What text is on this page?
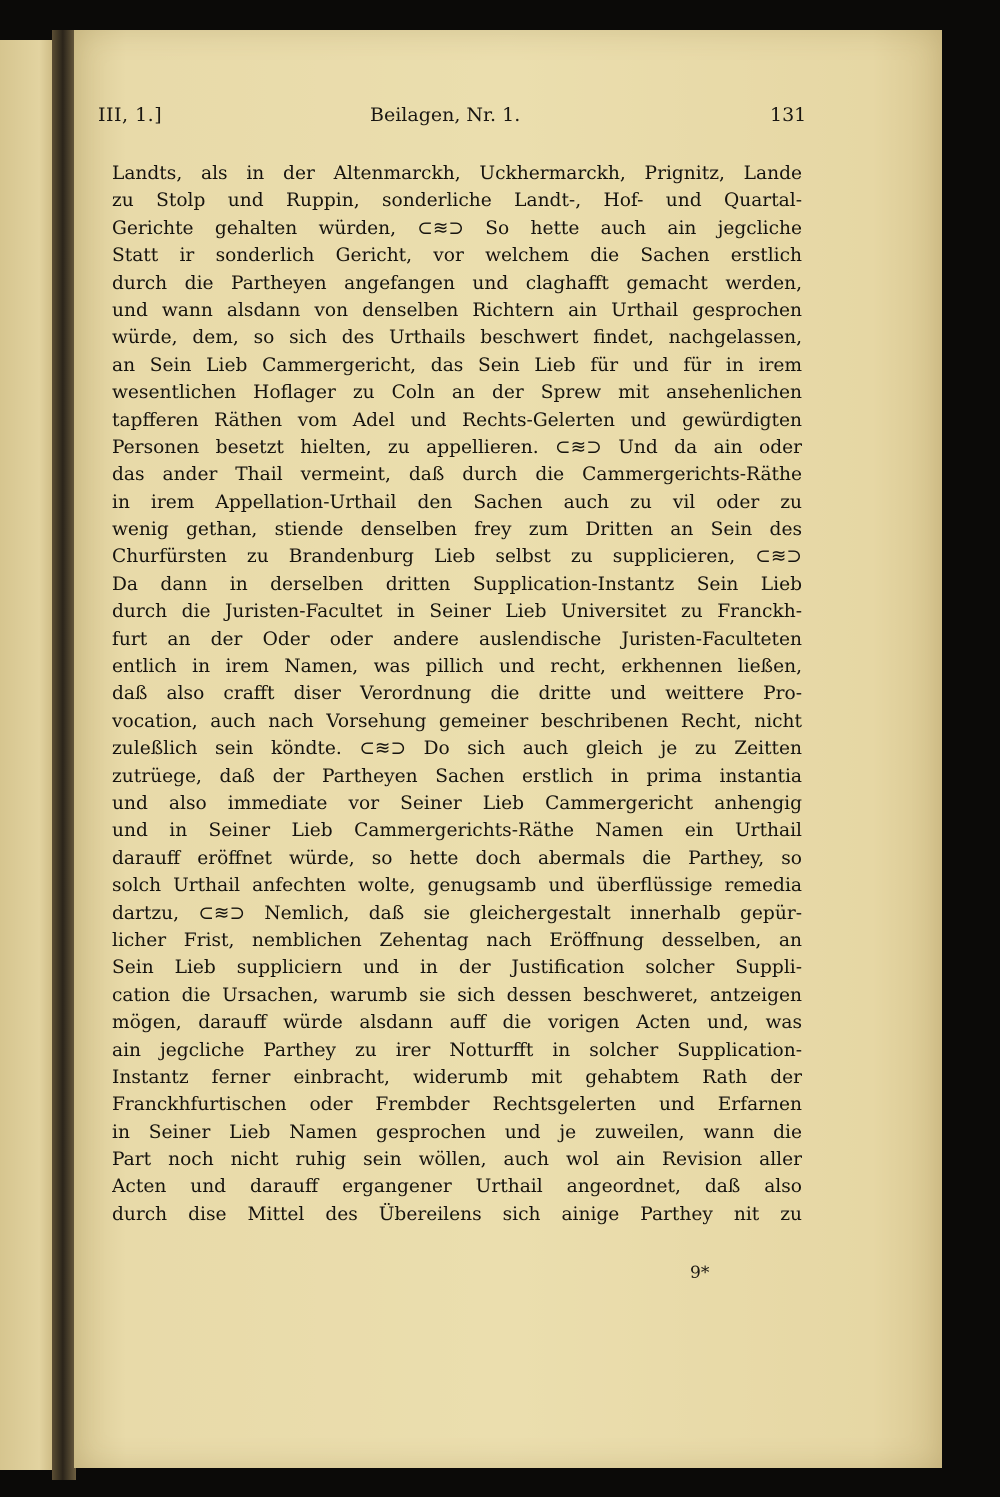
III, 1.]	Beilagen, Nr. 1.	131
Landts, als in der Altenmarckh, Uckhermarckh, Prignitz, Lande
zu Stolp und Ruppin, sonderliche Landt-, Hof- und Quartal-
Gerichte gehalten würden, ⊂≋⊃ So hette auch ain jegcliche
Statt ir sonderlich Gericht, vor welchem die Sachen erstlich
durch die Partheyen angefangen und claghafft gemacht werden,
und wann alsdann von denselben Richtern ain Urthail gesprochen
würde, dem, so sich des Urthails beschwert findet, nachgelassen,
an Sein Lieb Cammergericht, das Sein Lieb für und für in irem
wesentlichen Hoflager zu Coln an der Sprew mit ansehenlichen
tapfferen Räthen vom Adel und Rechts-Gelerten und gewürdigten
Personen besetzt hielten, zu appellieren. ⊂≋⊃ Und da ain oder
das ander Thail vermeint, daß durch die Cammergerichts-Räthe
in irem Appellation-Urthail den Sachen auch zu vil oder zu
wenig gethan, stiende denselben frey zum Dritten an Sein des
Churfürsten zu Brandenburg Lieb selbst zu supplicieren, ⊂≋⊃
Da dann in derselben dritten Supplication-Instantz Sein Lieb
durch die Juristen-Facultet in Seiner Lieb Universitet zu Franckh-
furt an der Oder oder andere auslendische Juristen-Faculteten
entlich in irem Namen, was pillich und recht, erkhennen ließen,
daß also crafft diser Verordnung die dritte und weittere Pro-
vocation, auch nach Vorsehung gemeiner beschribenen Recht, nicht
zuleßlich sein köndte. ⊂≋⊃ Do sich auch gleich je zu Zeitten
zutrüege, daß der Partheyen Sachen erstlich in prima instantia
und also immediate vor Seiner Lieb Cammergericht anhengig
und in Seiner Lieb Cammergerichts-Räthe Namen ein Urthail
darauff eröffnet würde, so hette doch abermals die Parthey, so
solch Urthail anfechten wolte, genugsamb und überflüssige remedia
dartzu, ⊂≋⊃ Nemlich, daß sie gleichergestalt innerhalb gepür-
licher Frist, nemblichen Zehentag nach Eröffnung desselben, an
Sein Lieb suppliciern und in der Justification solcher Suppli-
cation die Ursachen, warumb sie sich dessen beschweret, antzeigen
mögen, darauff würde alsdann auff die vorigen Acten und, was
ain jegcliche Parthey zu irer Notturfft in solcher Supplication-
Instantz ferner einbracht, widerumb mit gehabtem Rath der
Franckhfurtischen oder Frembder Rechtsgelerten und Erfarnen
in Seiner Lieb Namen gesprochen und je zuweilen, wann die
Part noch nicht ruhig sein wöllen, auch wol ain Revision aller
Acten und darauff ergangener Urthail angeordnet, daß also
durch dise Mittel des Übereilens sich ainige Parthey nit zu
9*
